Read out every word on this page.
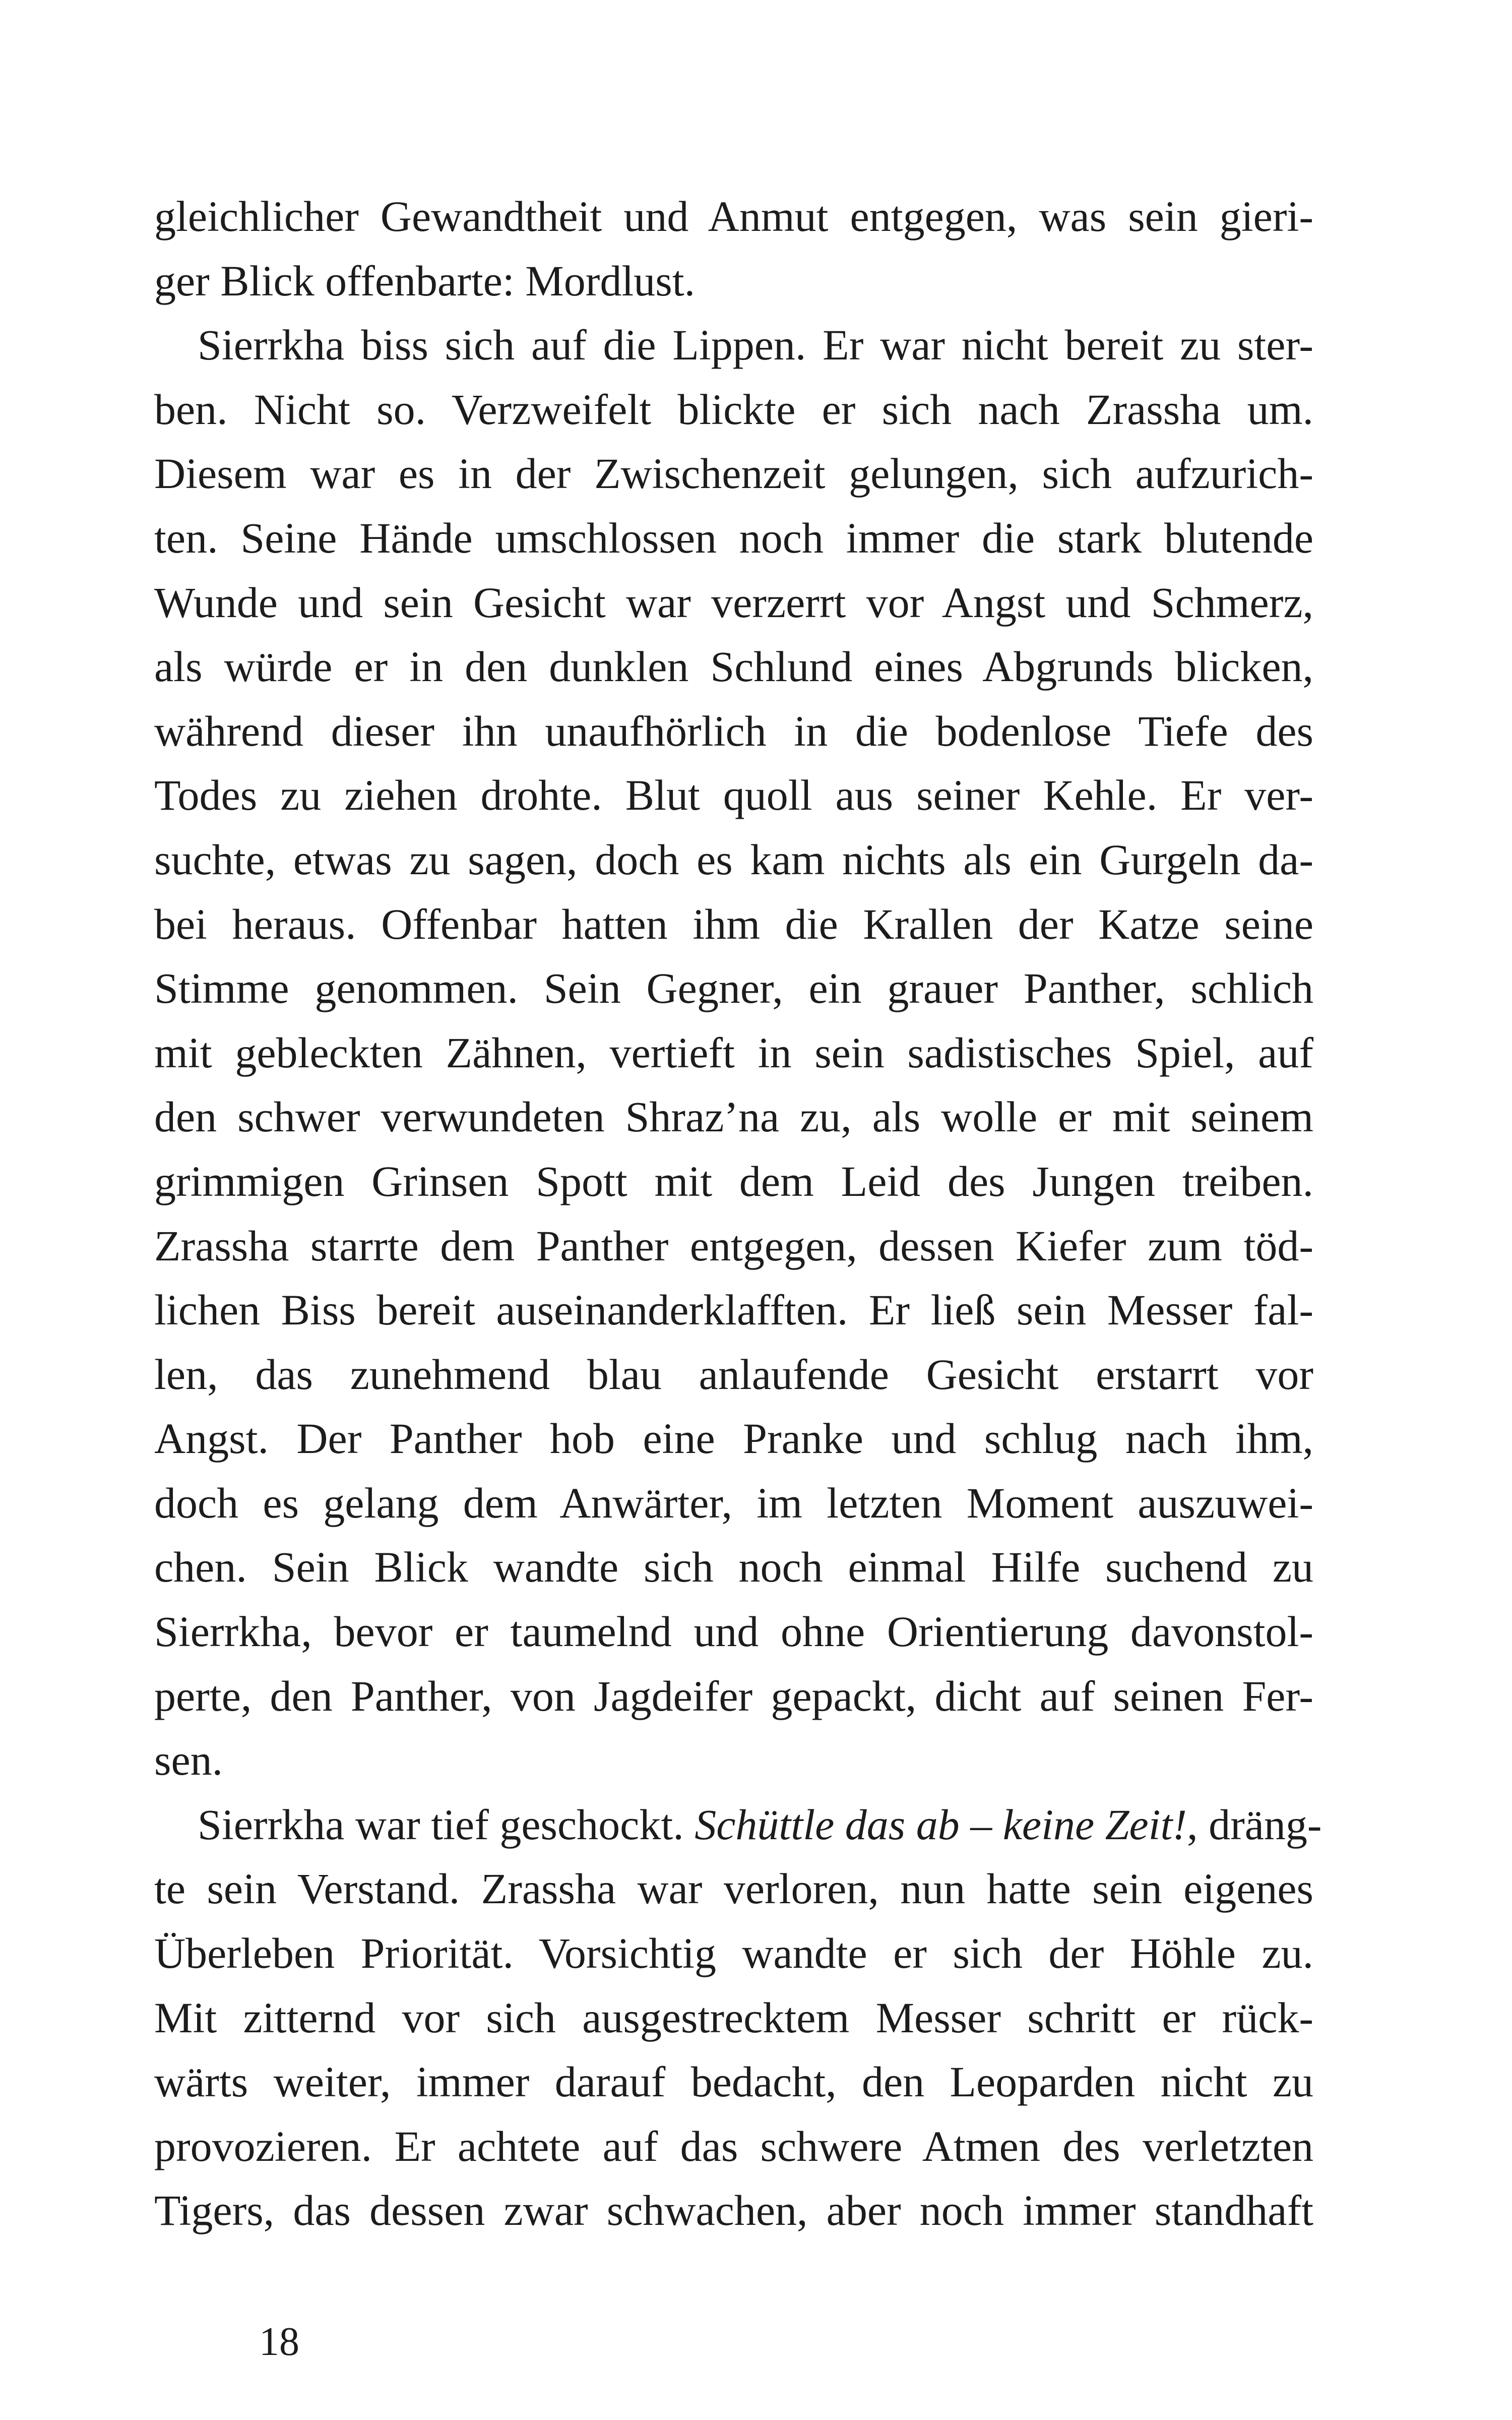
gleichlicher Gewandtheit und Anmut entgegen, was sein gieri-
ger Blick offenbarte: Mordlust.
Sierrkha biss sich auf die Lippen. Er war nicht bereit zu ster-
ben. Nicht so. Verzweifelt blickte er sich nach Zrassha um.
Diesem war es in der Zwischenzeit gelungen, sich aufzurich-
ten. Seine Hände umschlossen noch immer die stark blutende
Wunde und sein Gesicht war verzerrt vor Angst und Schmerz,
als würde er in den dunklen Schlund eines Abgrunds blicken,
während dieser ihn unaufhörlich in die bodenlose Tiefe des
Todes zu ziehen drohte. Blut quoll aus seiner Kehle. Er ver-
suchte, etwas zu sagen, doch es kam nichts als ein Gurgeln da-
bei heraus. Offenbar hatten ihm die Krallen der Katze seine
Stimme genommen. Sein Gegner, ein grauer Panther, schlich
mit gebleckten Zähnen, vertieft in sein sadistisches Spiel, auf
den schwer verwundeten Shraz’na zu, als wolle er mit seinem
grimmigen Grinsen Spott mit dem Leid des Jungen treiben.
Zrassha starrte dem Panther entgegen, dessen Kiefer zum töd-
lichen Biss bereit auseinanderklafften. Er ließ sein Messer fal-
len, das zunehmend blau anlaufende Gesicht erstarrt vor
Angst. Der Panther hob eine Pranke und schlug nach ihm,
doch es gelang dem Anwärter, im letzten Moment auszuwei-
chen. Sein Blick wandte sich noch einmal Hilfe suchend zu
Sierrkha, bevor er taumelnd und ohne Orientierung davonstol-
perte, den Panther, von Jagdeifer gepackt, dicht auf seinen Fer-
sen.
Sierrkha war tief geschockt. Schüttle das ab – keine Zeit!, dräng-
te sein Verstand. Zrassha war verloren, nun hatte sein eigenes
Überleben Priorität. Vorsichtig wandte er sich der Höhle zu.
Mit zitternd vor sich ausgestrecktem Messer schritt er rück-
wärts weiter, immer darauf bedacht, den Leoparden nicht zu
provozieren. Er achtete auf das schwere Atmen des verletzten
Tigers, das dessen zwar schwachen, aber noch immer standhaft
18
